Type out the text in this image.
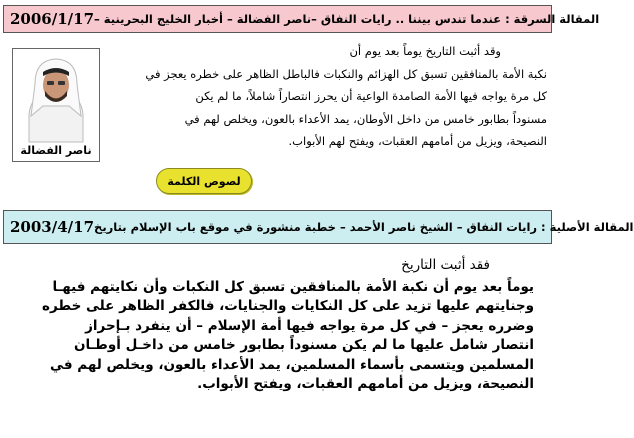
2006/1/17 المقالة السرقة : عندما تندس بيننا .. رايات النفاق –ناصر الفضالة – أخبار الخليج البحرينية –
ناصر الفضالة

وقد أثبت التاريخ يوماً بعد يوم أن

نكبة الأمة بالمنافقين تسبق كل الهزائم والنكبات فالباطل الظاهر على خطره يعجز في

كل مرة يواجه فيها الأمة الصامدة الواعية أن يحرز انتصاراً شاملاً، ما لم يكن

مسنوداً بطابور خامس من داخل الأوطان، يمد الأعداء بالعون، ويخلص لهم في

النصيحة، ويزيل من أمامهم العقبات، ويفتح لهم الأبواب.

لصوص الكلمة
2003/4/17 المقالة الأصلية : رايات النفاق – الشيخ ناصر الأحمد – خطبة منشورة في موقع باب الإسلام بتاريخ

فقد أثبت التاريخ

يوماً بعد يوم أن نكبة الأمة بالمنافقين تسبق كل النكبات وأن نكايتهم فيهـا

وجنايتهم عليها تزيد على كل النكايات والجنايات، فالكفر الظاهر على خطره

وضرره يعجز – في كل مرة يواجه فيها أمة الإسلام – أن ينفرد بـإحراز

انتصار شامل عليها ما لم يكن مسنوداً بطابور خامس من داخـل أوطـان

المسلمين ويتسمى بأسماء المسلمين، يمد الأعداء بالعون، ويخلص لهم في

النصيحة، ويزيل من أمامهم العقبات، ويفتح الأبواب.
